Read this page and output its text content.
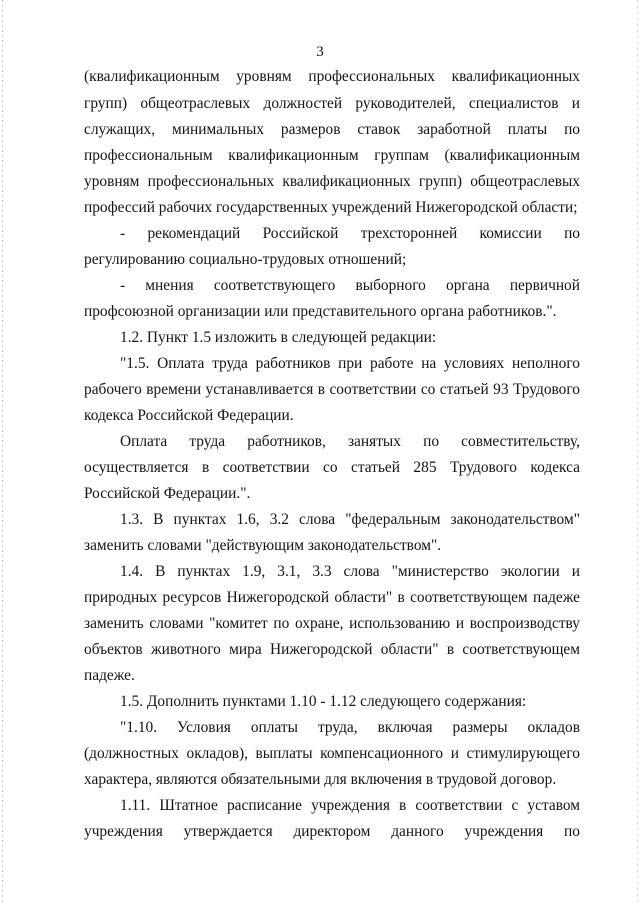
3
(квалификационным уровням профессиональных квалификационных
групп) общеотраслевых должностей руководителей, специалистов и
служащих, минимальных размеров ставок заработной платы по
профессиональным квалификационным группам (квалификационным
уровням профессиональных квалификационных групп) общеотраслевых
профессий рабочих государственных учреждений Нижегородской области;
- рекомендаций Российской трехсторонней комиссии по
регулированию социально-трудовых отношений;
- мнения соответствующего выборного органа первичной
профсоюзной организации или представительного органа работников.".
1.2. Пункт 1.5 изложить в следующей редакции:
"1.5. Оплата труда работников при работе на условиях неполного
рабочего времени устанавливается в соответствии со статьей 93 Трудового
кодекса Российской Федерации.
Оплата труда работников, занятых по совместительству,
осуществляется в соответствии со статьей 285 Трудового кодекса
Российской Федерации.".
1.3. В пунктах 1.6, 3.2 слова "федеральным законодательством"
заменить словами "действующим законодательством".
1.4. В пунктах 1.9, 3.1, 3.3 слова "министерство экологии и
природных ресурсов Нижегородской области" в соответствующем падеже
заменить словами "комитет по охране, использованию и воспроизводству
объектов животного мира Нижегородской области" в соответствующем
падеже.
1.5. Дополнить пунктами 1.10 - 1.12 следующего содержания:
"1.10. Условия оплаты труда, включая размеры окладов
(должностных окладов), выплаты компенсационного и стимулирующего
характера, являются обязательными для включения в трудовой договор.
1.11. Штатное расписание учреждения в соответствии с уставом
учреждения утверждается директором данного учреждения по
